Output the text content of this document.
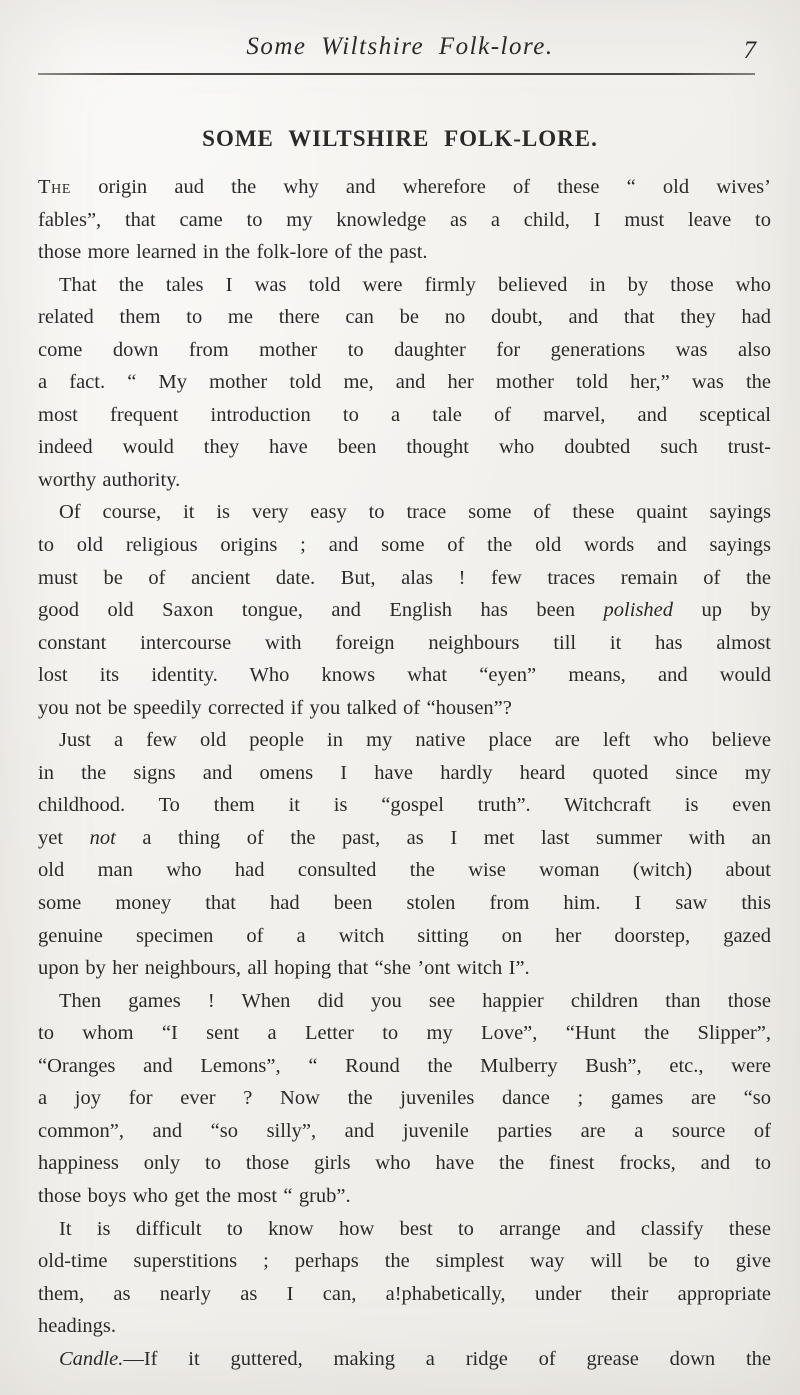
Some Wiltshire Folk-lore.	7
SOME WILTSHIRE FOLK-LORE.
The origin aud the why and wherefore of these “ old wives’
fables”, that came to my knowledge as a child, I must leave to
those more learned in the folk-lore of the past.
That the tales I was told were firmly believed in by those who
related them to me there can be no doubt, and that they had
come down from mother to daughter for generations was also
a fact. “ My mother told me, and her mother told her,” was the
most frequent introduction to a tale of marvel, and sceptical
indeed would they have been thought who doubted such trust-
worthy authority.
Of course, it is very easy to trace some of these quaint sayings
to old religious origins ; and some of the old words and sayings
must be of ancient date. But, alas ! few traces remain of the
good old Saxon tongue, and English has been polished up by
constant intercourse with foreign neighbours till it has almost
lost its identity. Who knows what “eyen” means, and would
you not be speedily corrected if you talked of “housen”?
Just a few old people in my native place are left who believe
in the signs and omens I have hardly heard quoted since my
childhood. To them it is “gospel truth”. Witchcraft is even
yet not a thing of the past, as I met last summer with an
old man who had consulted the wise woman (witch) about
some money that had been stolen from him. I saw this
genuine specimen of a witch sitting on her doorstep, gazed
upon by her neighbours, all hoping that “she ’ont witch I”.
Then games ! When did you see happier children than those
to whom “I sent a Letter to my Love”, “Hunt the Slipper”,
“Oranges and Lemons”, “ Round the Mulberry Bush”, etc., were
a joy for ever ? Now the juveniles dance ; games are “so
common”, and “so silly”, and juvenile parties are a source of
happiness only to those girls who have the finest frocks, and to
those boys who get the most “ grub”.
It is difficult to know how best to arrange and classify these
old-time superstitions ; perhaps the simplest way will be to give
them, as nearly as I can, a!phabetically, under their appropriate
headings.
Candle.—If it guttered, making a ridge of grease down the
